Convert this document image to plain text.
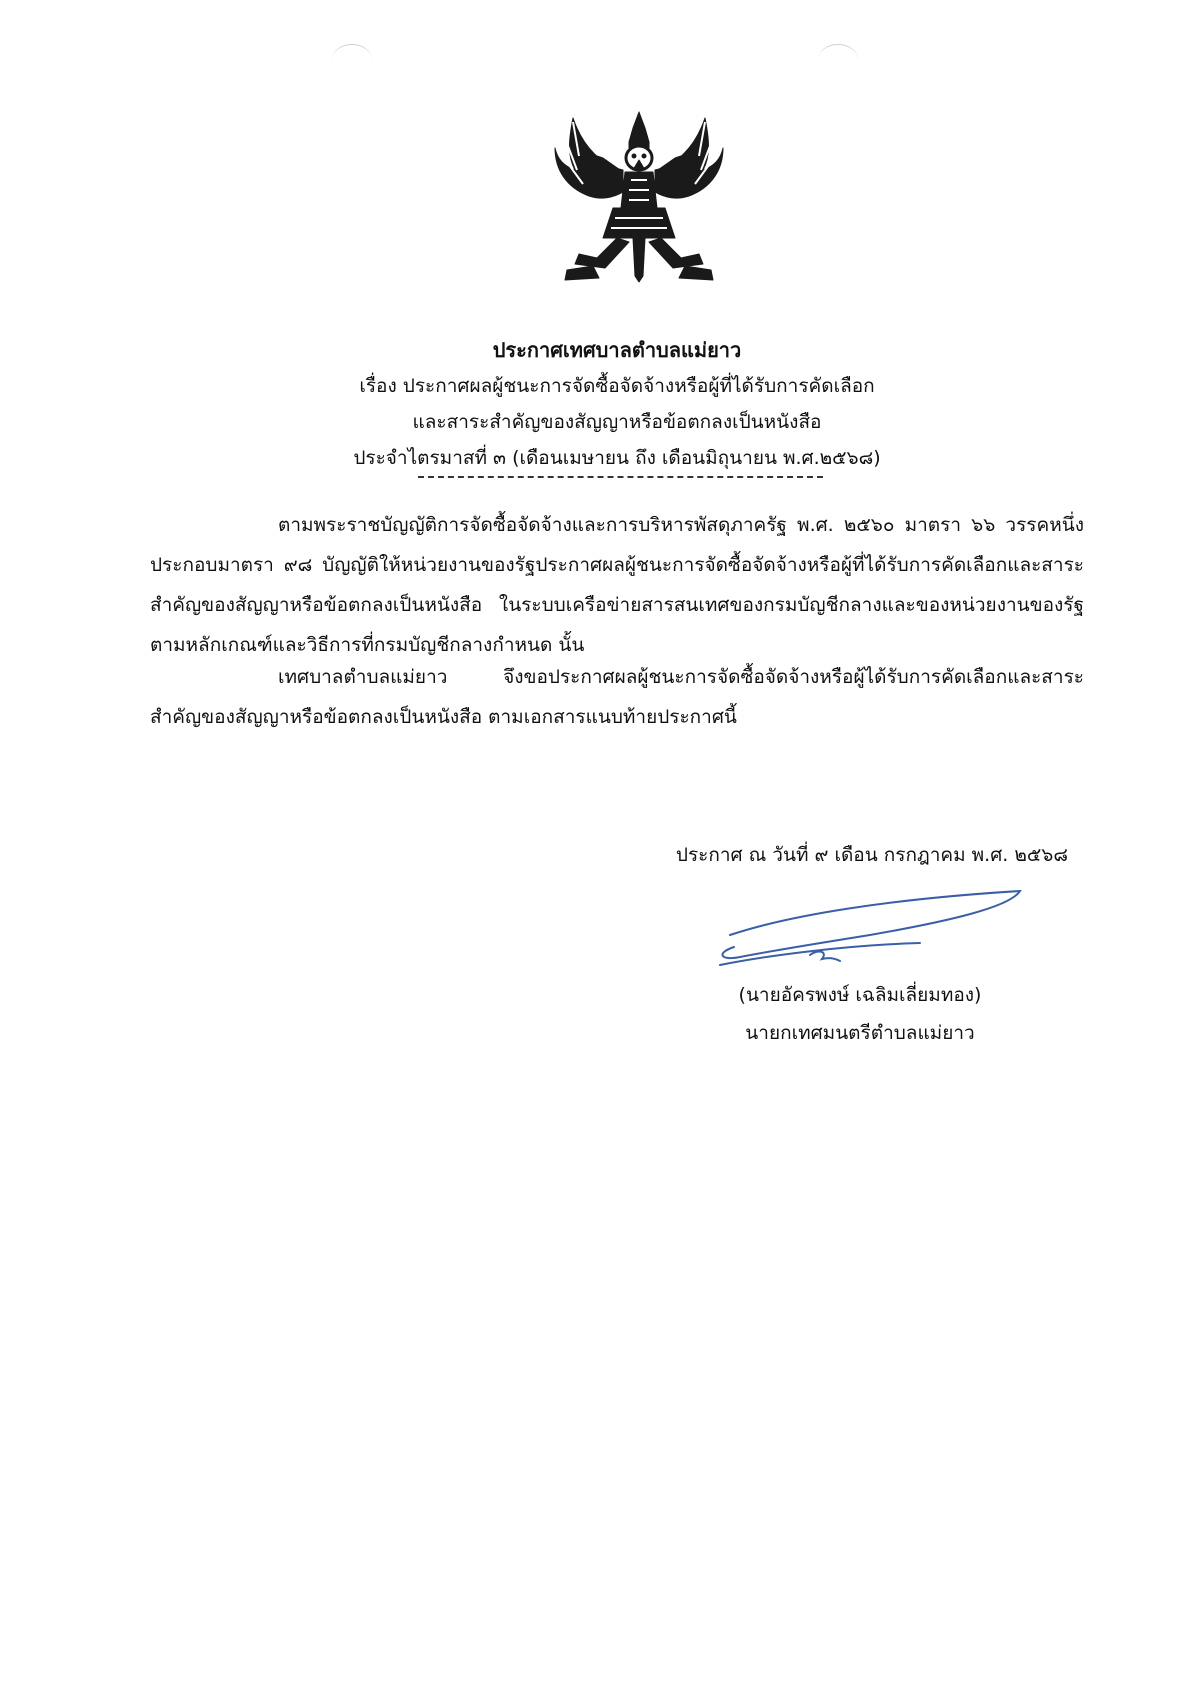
ประกาศเทศบาลตำบลแม่ยาว
เรื่อง ประกาศผลผู้ชนะการจัดซื้อจัดจ้างหรือผู้ที่ได้รับการคัดเลือก
และสาระสำคัญของสัญญาหรือข้อตกลงเป็นหนังสือ
ประจำไตรมาสที่ ๓ (เดือนเมษายน ถึง เดือนมิถุนายน พ.ศ.๒๕๖๘)

ตามพระราชบัญญัติการจัดซื้อจัดจ้างและการบริหารพัสดุภาครัฐ พ.ศ. ๒๕๖๐ มาตรา ๖๖ วรรคหนึ่ง ประกอบมาตรา ๙๘ บัญญัติให้หน่วยงานของรัฐประกาศผลผู้ชนะการจัดซื้อจัดจ้างหรือผู้ที่ได้รับการคัดเลือกและสาระสำคัญของสัญญาหรือข้อตกลงเป็นหนังสือ ในระบบเครือข่ายสารสนเทศของกรมบัญชีกลางและของหน่วยงานของรัฐตามหลักเกณฑ์และวิธีการที่กรมบัญชีกลางกำหนด นั้น

เทศบาลตำบลแม่ยาว จึงขอประกาศผลผู้ชนะการจัดซื้อจัดจ้างหรือผู้ได้รับการคัดเลือกและสาระสำคัญของสัญญาหรือข้อตกลงเป็นหนังสือ ตามเอกสารแนบท้ายประกาศนี้

ประกาศ ณ วันที่ ๙ เดือน กรกฎาคม พ.ศ. ๒๕๖๘
(นายอัครพงษ์ เฉลิมเลี่ยมทอง)
นายกเทศมนตรีตำบลแม่ยาว
